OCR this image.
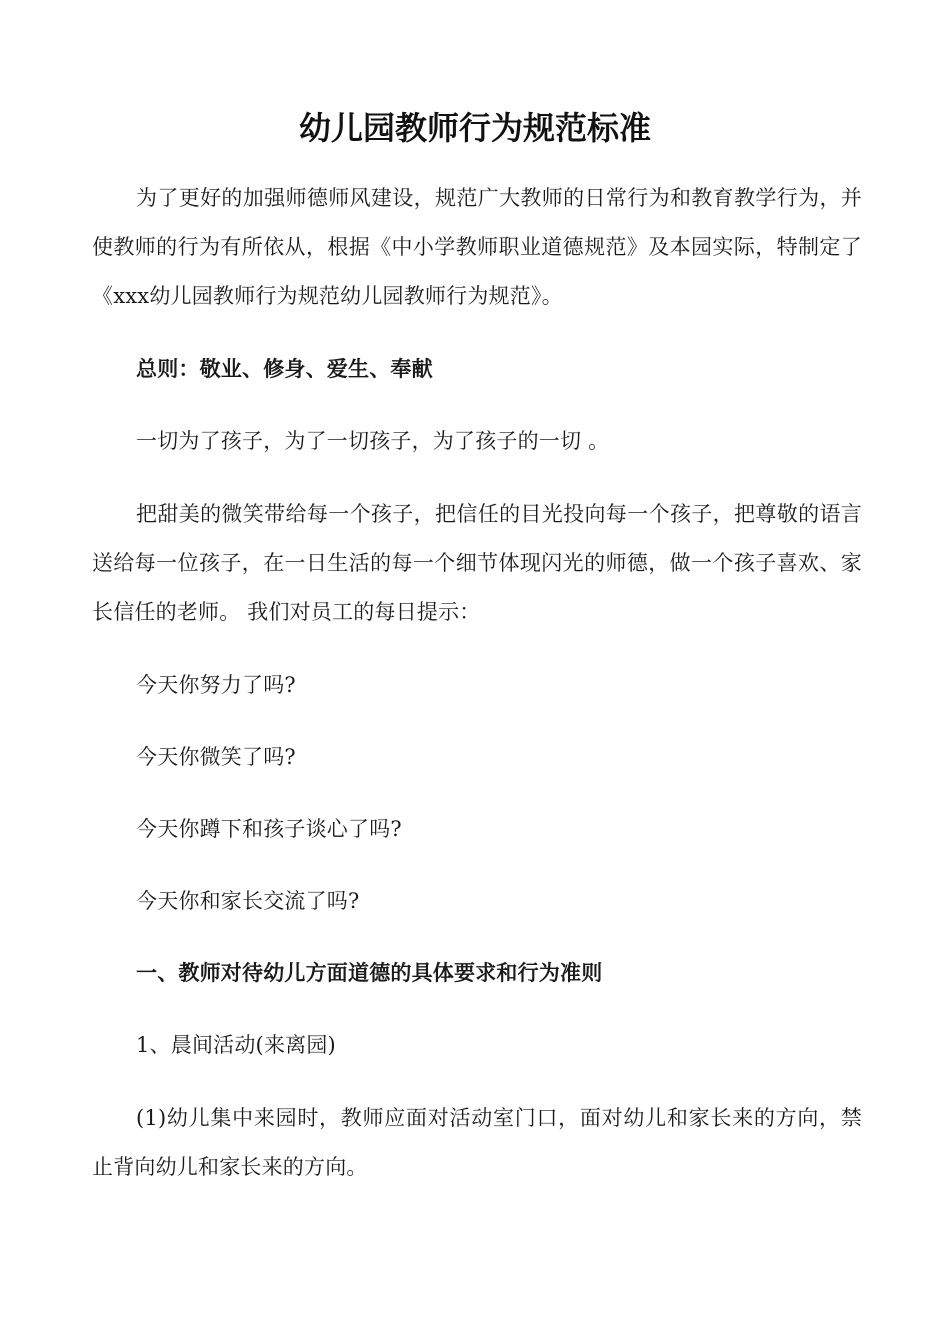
幼儿园教师行为规范标准

为了更好的加强师德师风建设，规范广大教师的日常行为和教育教学行为，并使教师的行为有所依从，根据《中小学教师职业道德规范》及本园实际，特制定了《xxx幼儿园教师行为规范幼儿园教师行为规范》。

总则：敬业、修身、爱生、奉献

一切为了孩子，为了一切孩子，为了孩子的一切 。

把甜美的微笑带给每一个孩子，把信任的目光投向每一个孩子，把尊敬的语言送给每一位孩子，在一日生活的每一个细节体现闪光的师德，做一个孩子喜欢、家长信任的老师。 我们对员工的每日提示：

今天你努力了吗?

今天你微笑了吗?

今天你蹲下和孩子谈心了吗?

今天你和家长交流了吗?

一、教师对待幼儿方面道德的具体要求和行为准则

1、晨间活动(来离园)

(1)幼儿集中来园时，教师应面对活动室门口，面对幼儿和家长来的方向，禁止背向幼儿和家长来的方向。
